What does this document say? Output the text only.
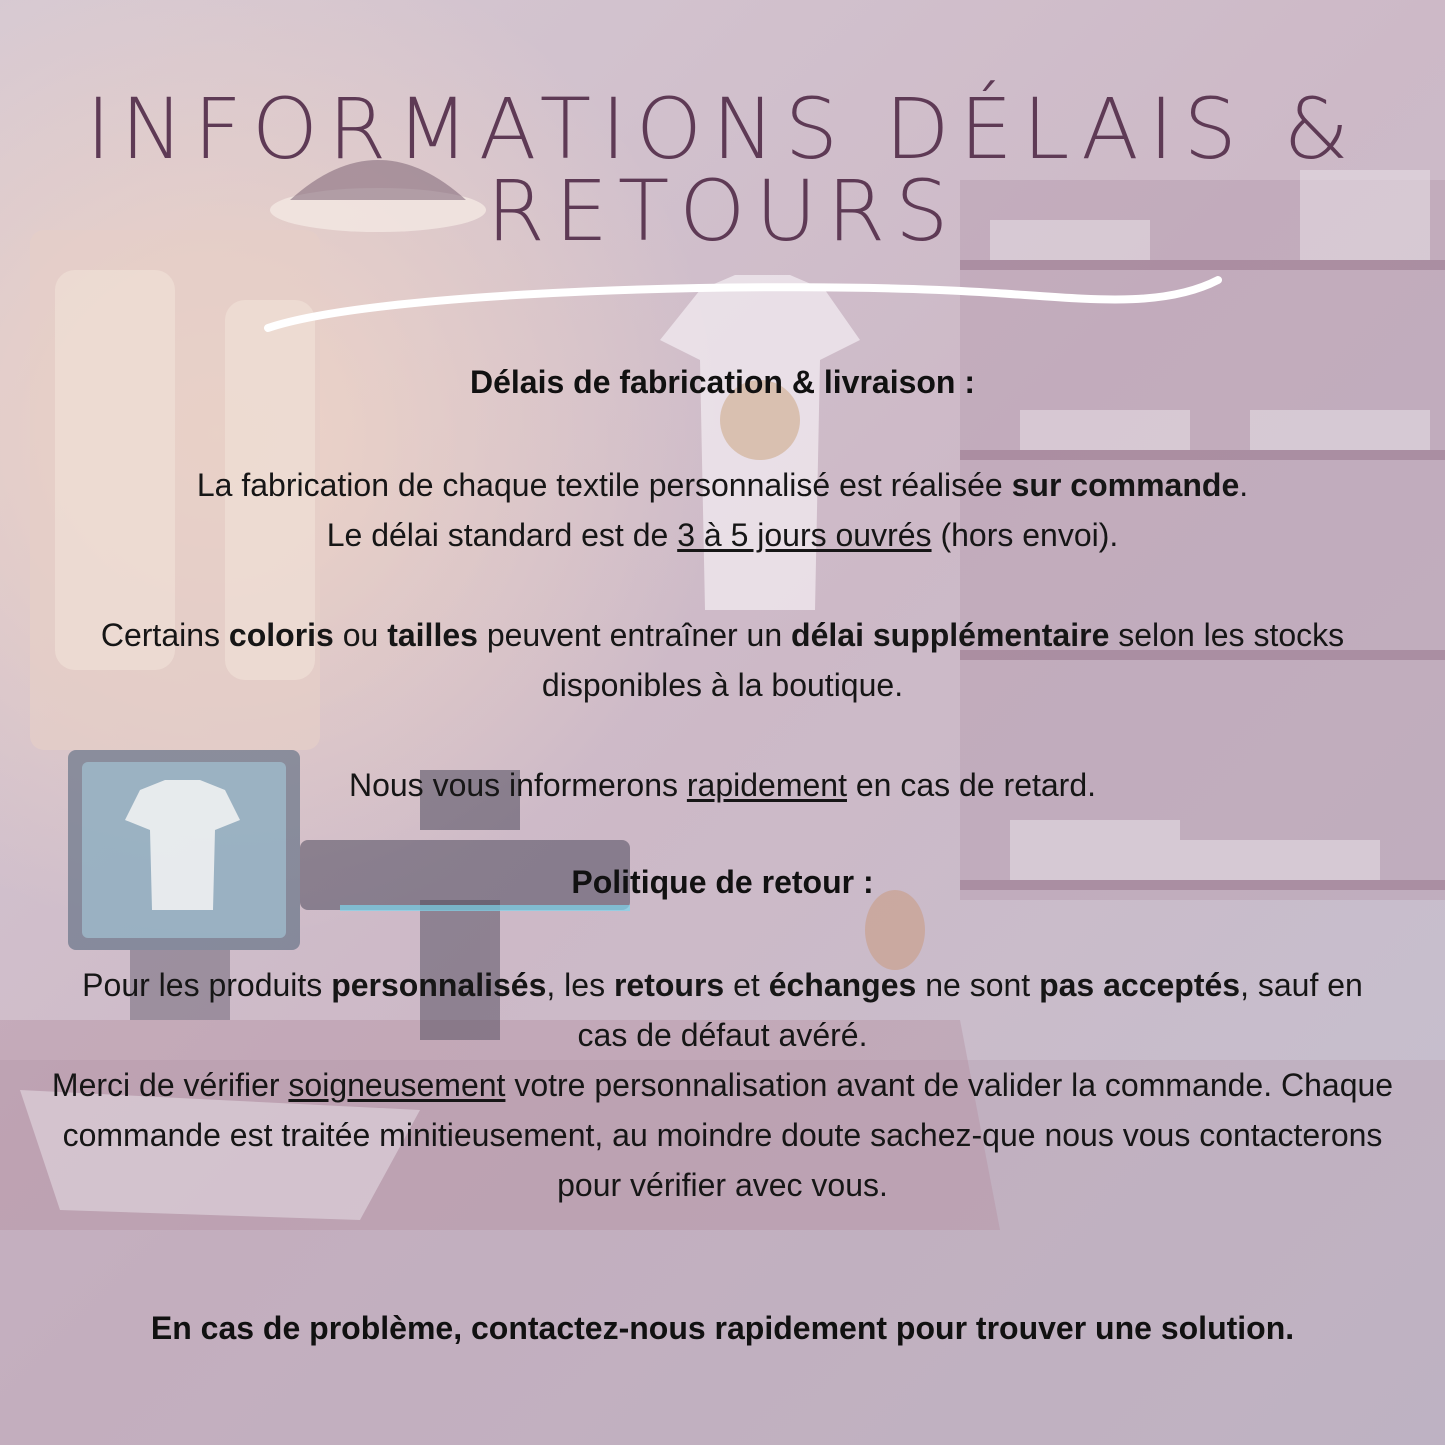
INFORMATIONS DÉLAIS &
RETOURS
Délais de fabrication & livraison :

La fabrication de chaque textile personnalisé est réalisée sur commande.
Le délai standard est de 3 à 5 jours ouvrés (hors envoi).

Certains coloris ou tailles peuvent entraîner un délai supplémentaire selon les stocks disponibles à la boutique.

Nous vous informerons rapidement en cas de retard.

Politique de retour :

Pour les produits personnalisés, les retours et échanges ne sont pas acceptés, sauf en cas de défaut avéré.

Merci de vérifier soigneusement votre personnalisation avant de valider la commande. Chaque commande est traitée minitieusement, au moindre doute sachez-que nous vous contacterons pour vérifier avec vous.

En cas de problème, contactez-nous rapidement pour trouver une solution.
